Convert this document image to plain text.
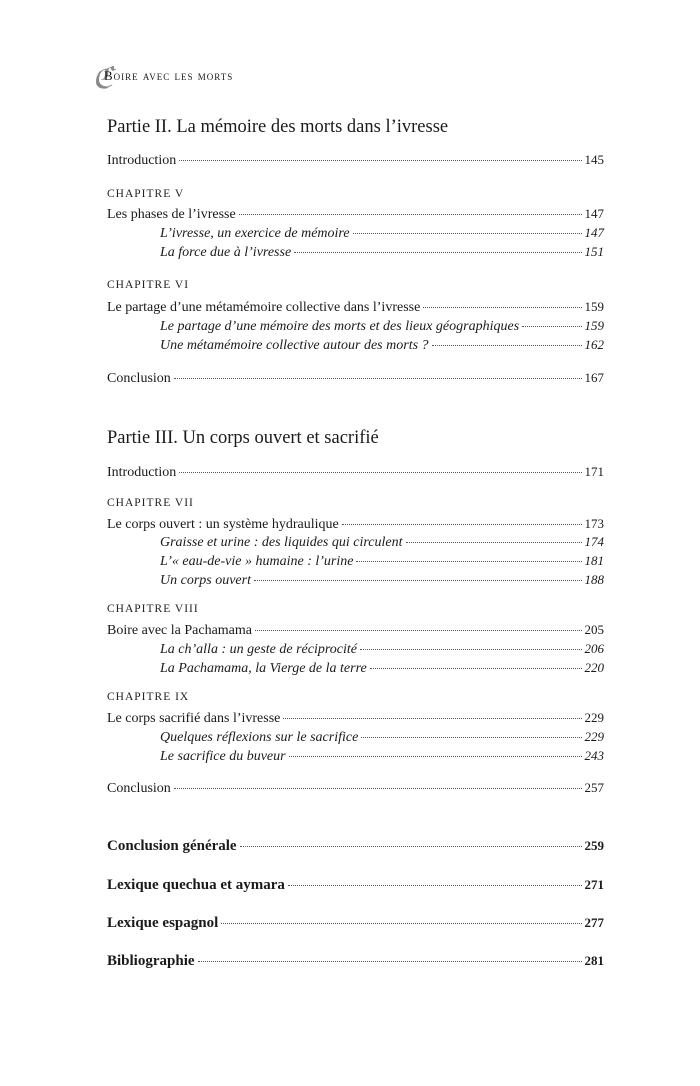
ℭ
Boire avec les morts
Partie II. La mémoire des morts dans l’ivresse
Introduction	145
CHAPITRE V
Les phases de l’ivresse	147
L’ivresse, un exercice de mémoire	147
La force due à l’ivresse	151
CHAPITRE VI
Le partage d’une métamémoire collective dans l’ivresse	159
Le partage d’une mémoire des morts et des lieux géographiques	159
Une métamémoire collective autour des morts ?	162
Conclusion	167
Partie III. Un corps ouvert et sacrifié
Introduction	171
CHAPITRE VII
Le corps ouvert : un système hydraulique	173
Graisse et urine : des liquides qui circulent	174
L’« eau-de-vie » humaine : l’urine	181
Un corps ouvert	188
CHAPITRE VIII
Boire avec la Pachamama	205
La ch’alla : un geste de réciprocité	206
La Pachamama, la Vierge de la terre	220
CHAPITRE IX
Le corps sacrifié dans l’ivresse	229
Quelques réflexions sur le sacrifice	229
Le sacrifice du buveur	243
Conclusion	257
Conclusion générale	259
Lexique quechua et aymara	271
Lexique espagnol	277
Bibliographie	281
